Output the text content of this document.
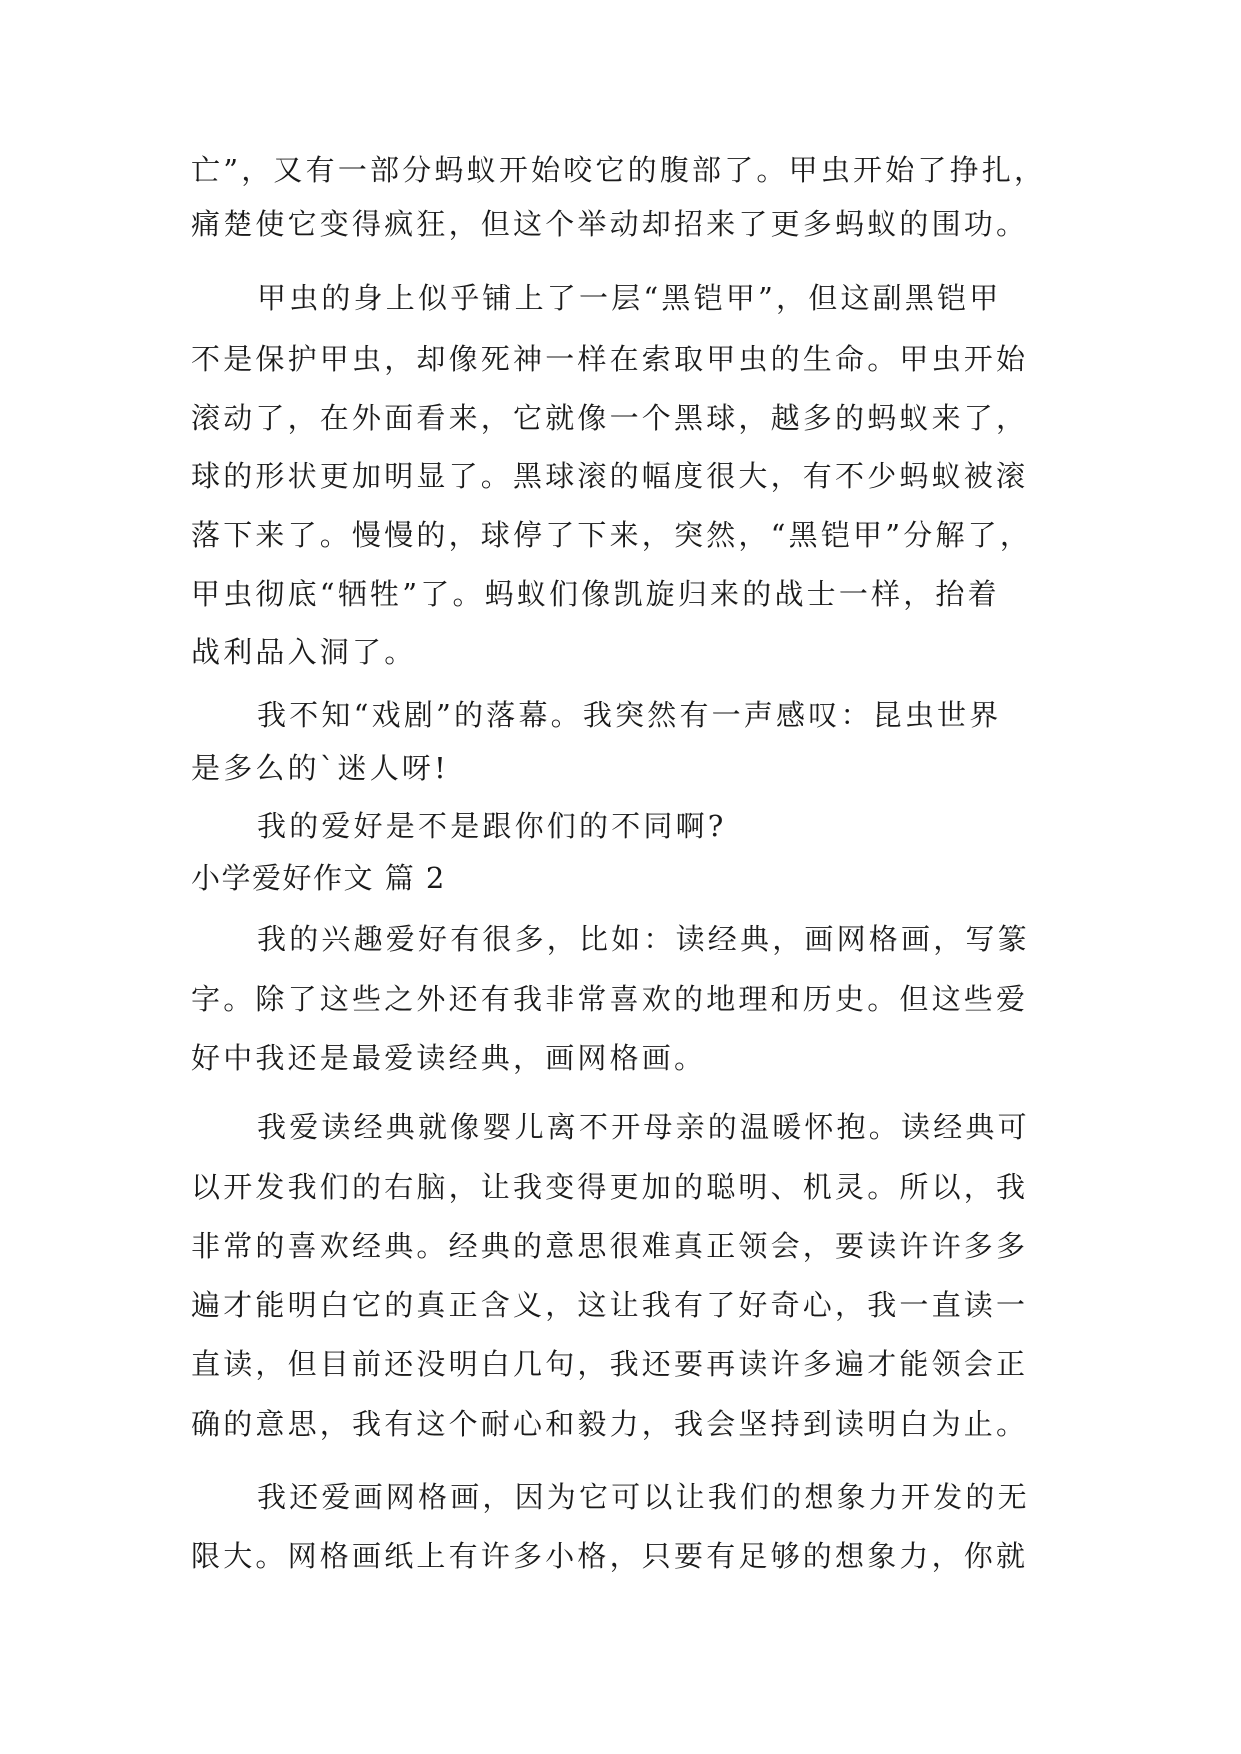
亡”，又有一部分蚂蚁开始咬它的腹部了。甲虫开始了挣扎，
痛楚使它变得疯狂，但这个举动却招来了更多蚂蚁的围功。
甲虫的身上似乎铺上了一层“黑铠甲”，但这副黑铠甲
不是保护甲虫，却像死神一样在索取甲虫的生命。甲虫开始
滚动了，在外面看来，它就像一个黑球，越多的蚂蚁来了，
球的形状更加明显了。黑球滚的幅度很大，有不少蚂蚁被滚
落下来了。慢慢的，球停了下来，突然，“黑铠甲”分解了，
甲虫彻底“牺牲”了。蚂蚁们像凯旋归来的战士一样，抬着
战利品入洞了。
我不知“戏剧”的落幕。我突然有一声感叹：昆虫世界
是多么的`迷人呀!
我的爱好是不是跟你们的不同啊?
小学爱好作文 篇 2
我的兴趣爱好有很多，比如：读经典，画网格画，写篆
字。除了这些之外还有我非常喜欢的地理和历史。但这些爱
好中我还是最爱读经典，画网格画。
我爱读经典就像婴儿离不开母亲的温暖怀抱。读经典可
以开发我们的右脑，让我变得更加的聪明、机灵。所以，我
非常的喜欢经典。经典的意思很难真正领会，要读许许多多
遍才能明白它的真正含义，这让我有了好奇心，我一直读一
直读，但目前还没明白几句，我还要再读许多遍才能领会正
确的意思，我有这个耐心和毅力，我会坚持到读明白为止。
我还爱画网格画，因为它可以让我们的想象力开发的无
限大。网格画纸上有许多小格，只要有足够的想象力，你就
